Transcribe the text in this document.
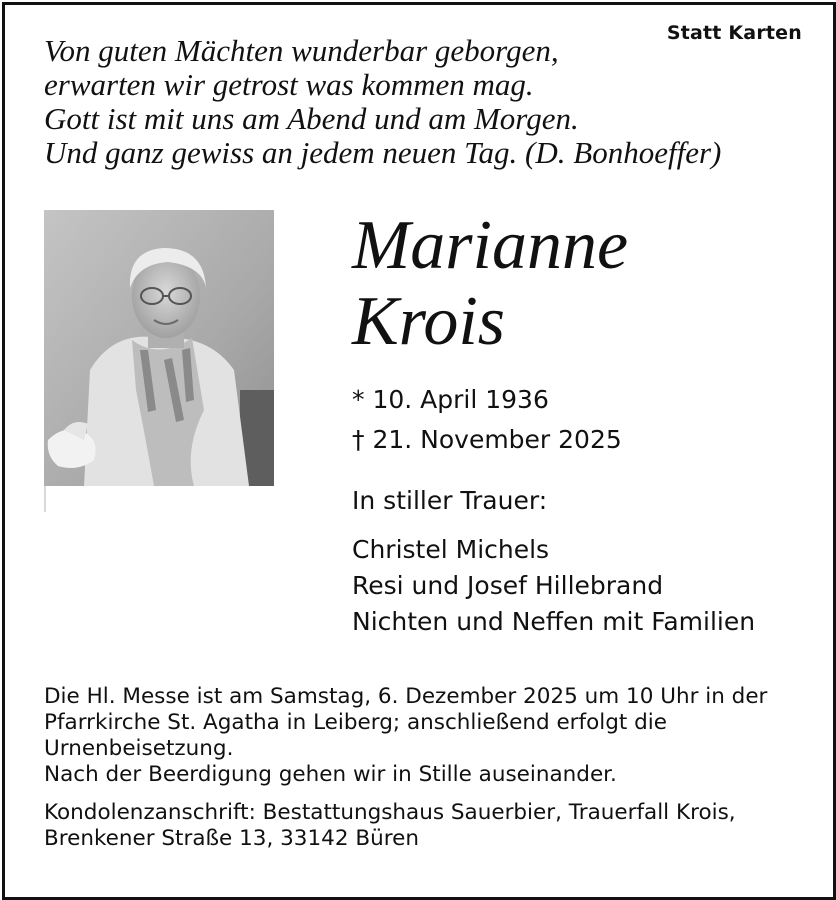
Statt Karten
Von guten Mächten wunderbar geborgen,
erwarten wir getrost was kommen mag.
Gott ist mit uns am Abend und am Morgen.
Und ganz gewiss an jedem neuen Tag. (D. Bonhoeffer)
Marianne
Krois
* 10. April 1936
† 21. November 2025
In stiller Trauer:
Christel Michels
Resi und Josef Hillebrand
Nichten und Neffen mit Familien

Die Hl. Messe ist am Samstag, 6. Dezember 2025 um 10 Uhr in der Pfarrkirche St. Agatha in Leiberg; anschließend erfolgt die Urnenbeisetzung.

Nach der Beerdigung gehen wir in Stille auseinander.

Kondolenzanschrift: Bestattungshaus Sauerbier, Trauerfall Krois,

Brenkener Straße 13, 33142 Büren
